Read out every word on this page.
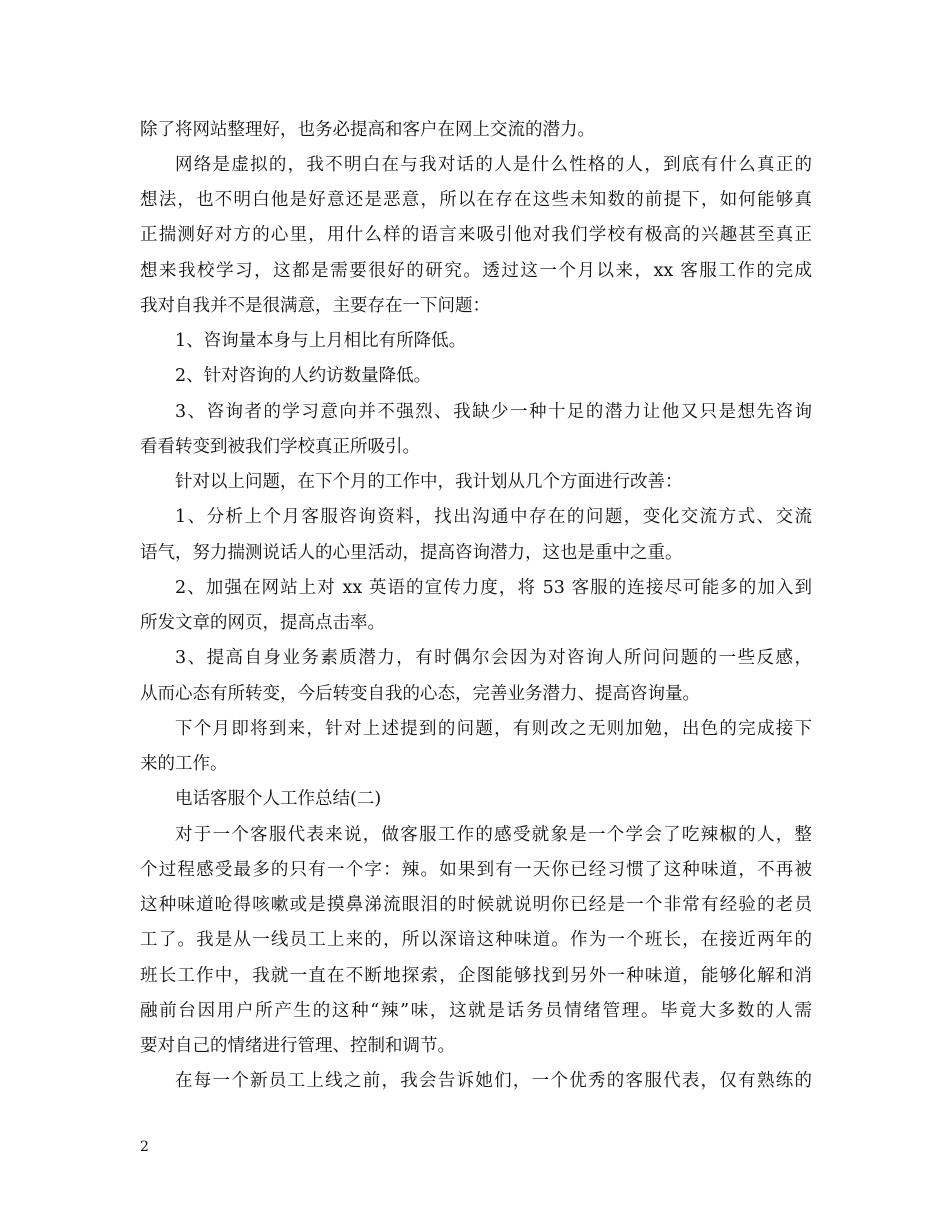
除了将网站整理好，也务必提高和客户在网上交流的潜力。
网络是虚拟的，我不明白在与我对话的人是什么性格的人，到底有什么真正的
想法，也不明白他是好意还是恶意，所以在存在这些未知数的前提下，如何能够真
正揣测好对方的心里，用什么样的语言来吸引他对我们学校有极高的兴趣甚至真正
想来我校学习，这都是需要很好的研究。透过这一个月以来，xx 客服工作的完成
我对自我并不是很满意，主要存在一下问题：
1、咨询量本身与上月相比有所降低。
2、针对咨询的人约访数量降低。
3、咨询者的学习意向并不强烈、我缺少一种十足的潜力让他又只是想先咨询
看看转变到被我们学校真正所吸引。
针对以上问题，在下个月的工作中，我计划从几个方面进行改善：
1、分析上个月客服咨询资料，找出沟通中存在的问题，变化交流方式、交流
语气，努力揣测说话人的心里活动，提高咨询潜力，这也是重中之重。
2、加强在网站上对 xx 英语的宣传力度，将 53 客服的连接尽可能多的加入到
所发文章的网页，提高点击率。
3、提高自身业务素质潜力，有时偶尔会因为对咨询人所问问题的一些反感，
从而心态有所转变，今后转变自我的心态，完善业务潜力、提高咨询量。
下个月即将到来，针对上述提到的问题，有则改之无则加勉，出色的完成接下
来的工作。
电话客服个人工作总结(二)
对于一个客服代表来说，做客服工作的感受就象是一个学会了吃辣椒的人，整
个过程感受最多的只有一个字：辣。如果到有一天你已经习惯了这种味道，不再被
这种味道呛得咳嗽或是摸鼻涕流眼泪的时候就说明你已经是一个非常有经验的老员
工了。我是从一线员工上来的，所以深谙这种味道。作为一个班长，在接近两年的
班长工作中，我就一直在不断地探索，企图能够找到另外一种味道，能够化解和消
融前台因用户所产生的这种“辣”味，这就是话务员情绪管理。毕竟大多数的人需
要对自己的情绪进行管理、控制和调节。
在每一个新员工上线之前，我会告诉她们，一个优秀的客服代表，仅有熟练的
2
